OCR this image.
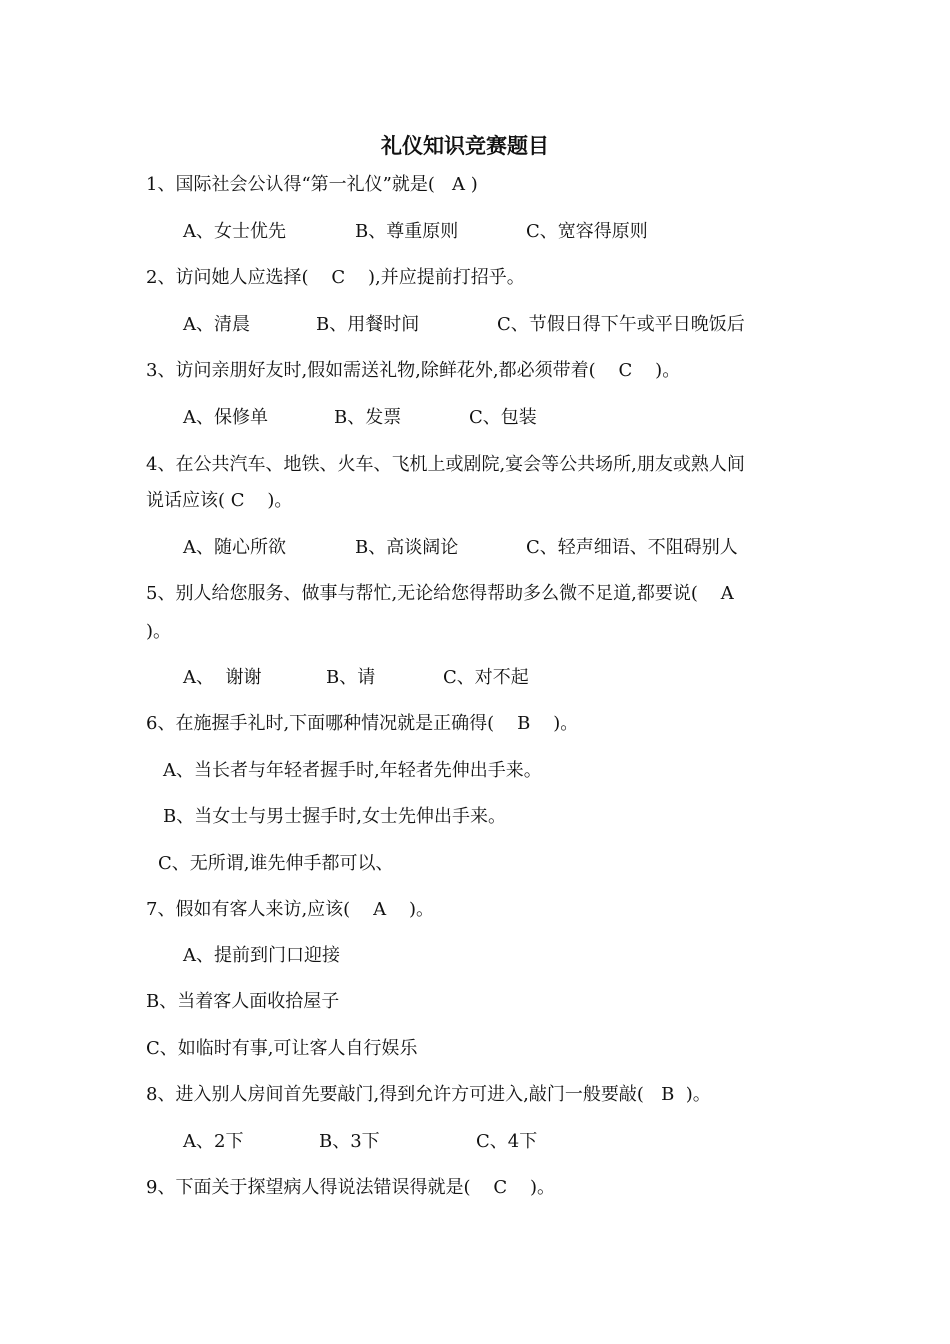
礼仪知识竞赛题目
1、国际社会公认得“第一礼仪”就是(   A )
A、女士优先	B、尊重原则	C、宽容得原则
2、访问她人应选择(    C    ),并应提前打招乎。
A、清晨	B、用餐时间	C、节假日得下午或平日晚饭后
3、访问亲朋好友时,假如需送礼物,除鲜花外,都必须带着(    C    )。
A、保修单	B、发票	C、包装
4、在公共汽车、地铁、火车、飞机上或剧院,宴会等公共场所,朋友或熟人间
说话应该( C    )。
A、随心所欲	B、高谈阔论	C、轻声细语、不阻碍别人
5、别人给您服务、做事与帮忙,无论给您得帮助多么微不足道,都要说(    A
)。
A、  谢谢	B、请	C、对不起
6、在施握手礼时,下面哪种情况就是正确得(    B    )。
A、当长者与年轻者握手时,年轻者先伸出手来。
B、当女士与男士握手时,女士先伸出手来。
C、无所谓,谁先伸手都可以、
7、假如有客人来访,应该(    A    )。
A、提前到门口迎接
B、当着客人面收拾屋子
C、如临时有事,可让客人自行娱乐
8、进入别人房间首先要敲门,得到允许方可进入,敲门一般要敲(   B  )。
A、2下	B、3下	C、4下
9、下面关于探望病人得说法错误得就是(    C    )。
